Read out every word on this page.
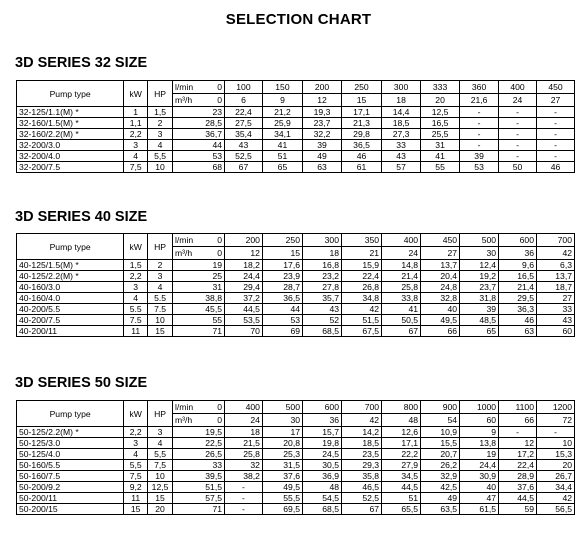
SELECTION CHART
3D SERIES 32 SIZE
Pump type	kW	HP	l/min 0	100	150	200	250	300	333	360	400	450

			m³/h 0	6	9	12	15	18	20	21,6	24	27
32-125/1.1(M) *	1	1,5	23	22,4	21,2	19,3	17,1	14,4	12,5	-	-	-
32-160/1.5(M) *	1,1	2	28,5	27,5	25,9	23,7	21,3	18,5	16,5	-	-	-
32-160/2.2(M) *	2,2	3	36,7	35,4	34,1	32,2	29,8	27,3	25,5	-	-	-
32-200/3.0	3	4	44	43	41	39	36,5	33	31	-	-	-
32-200/4.0	4	5,5	53	52,5	51	49	46	43	41	39	-	-
32-200/7.5	7,5	10	68	67	65	63	61	57	55	53	50	46
3D SERIES 40 SIZE
Pump type	kW	HP	l/min 0	200	250	300	350	400	450	500	600	700

			m³/h 0	12	15	18	21	24	27	30	36	42
40-125/1.5(M) *	1,5	2	19	18,2	17,6	16,8	15,9	14,8	13,7	12,4	9,6	6,3
40-125/2.2(M) *	2,2	3	25	24,4	23,9	23,2	22,4	21,4	20,4	19,2	16,5	13,7
40-160/3.0	3	4	31	29,4	28,7	27,8	26,8	25,8	24,8	23,7	21,4	18,7
40-160/4.0	4	5.5	38,8	37,2	36,5	35,7	34,8	33,8	32,8	31,8	29,5	27
40-200/5.5	5.5	7.5	45,5	44,5	44	43	42	41	40	39	36,3	33
40-200/7.5	7.5	10	55	53,5	53	52	51,5	50,5	49,5	48,5	46	43
40-200/11	11	15	71	70	69	68,5	67,5	67	66	65	63	60
3D SERIES 50 SIZE
Pump type	kW	HP	l/min 0	400	500	600	700	800	900	1000	1100	1200

			m³/h 0	24	30	36	42	48	54	60	66	72
50-125/2.2(M) *	2,2	3	19,5	18	17	15,7	14,2	12,6	10,9	9	-	-
50-125/3.0	3	4	22,5	21,5	20,8	19,8	18,5	17,1	15,5	13,8	12	10
50-125/4.0	4	5,5	26,5	25,8	25,3	24,5	23,5	22,2	20,7	19	17,2	15,3
50-160/5.5	5,5	7,5	33	32	31,5	30,5	29,3	27,9	26,2	24,4	22,4	20
50-160/7.5	7,5	10	39,5	38,2	37,6	36,9	35,8	34,5	32,9	30,9	28,9	26,7
50-200/9.2	9,2	12,5	51,5	-	49,5	48	46,5	44,5	42,5	40	37,6	34,4
50-200/11	11	15	57,5	-	55,5	54,5	52,5	51	49	47	44,5	42
50-200/15	15	20	71	-	69,5	68,5	67	65,5	63,5	61,5	59	56,5
